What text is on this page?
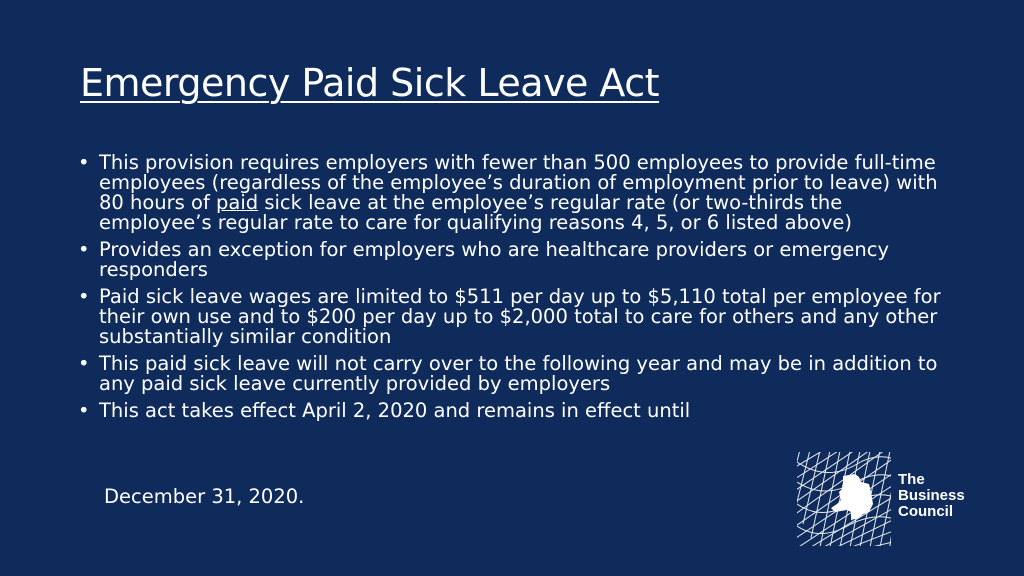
Emergency Paid Sick Leave Act
• This provision requires employers with fewer than 500 employees to provide full-time employees (regardless of the employee’s duration of employment prior to leave) with 80 hours of paid sick leave at the employee’s regular rate (or two-thirds the employee’s regular rate to care for qualifying reasons 4, 5, or 6 listed above)
• Provides an exception for employers who are healthcare providers or emergency responders
• Paid sick leave wages are limited to $511 per day up to $5,110 total per employee for their own use and to $200 per day up to $2,000 total to care for others and any other substantially similar condition
• This paid sick leave will not carry over to the following year and may be in addition to any paid sick leave currently provided by employers
• This act takes effect April 2, 2020 and remains in effect until
December 31, 2020.
The
Business
Council
